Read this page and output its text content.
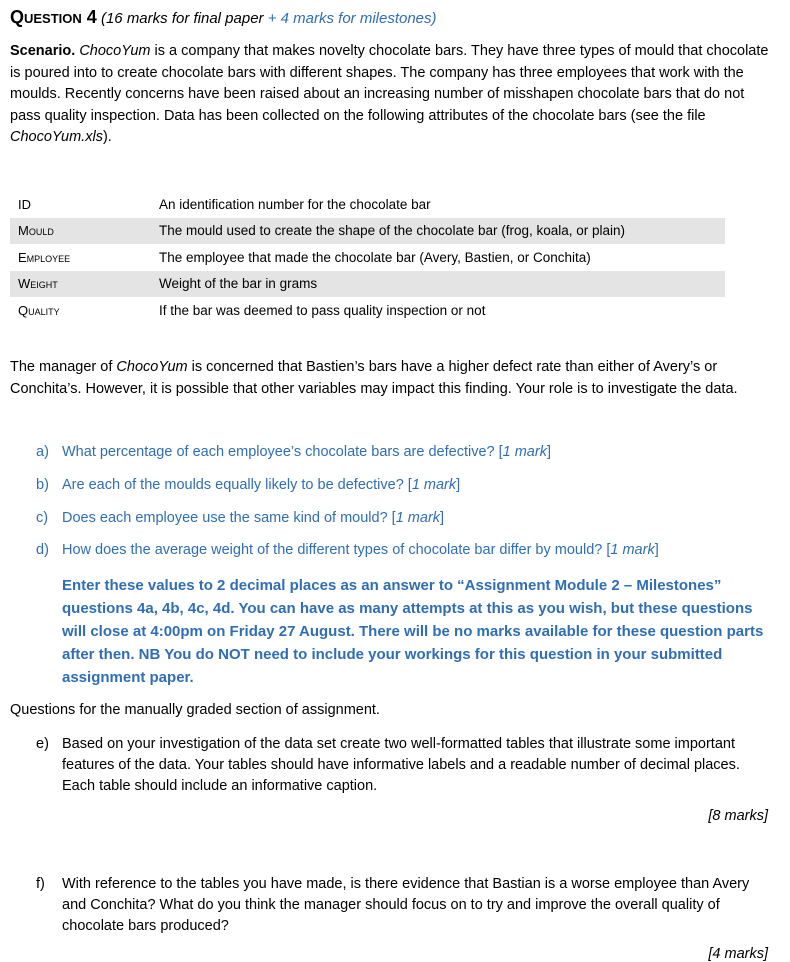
Question 4 (16 marks for final paper + 4 marks for milestones)
Scenario. ChocoYum is a company that makes novelty chocolate bars. They have three types of mould that chocolate is poured into to create chocolate bars with different shapes. The company has three employees that work with the moulds. Recently concerns have been raised about an increasing number of misshapen chocolate bars that do not pass quality inspection. Data has been collected on the following attributes of the chocolate bars (see the file ChocoYum.xls).
ID	An identification number for the chocolate bar
Mould	The mould used to create the shape of the chocolate bar (frog, koala, or plain)
Employee	The employee that made the chocolate bar (Avery, Bastien, or Conchita)
Weight	Weight of the bar in grams
Quality	If the bar was deemed to pass quality inspection or not
The manager of ChocoYum is concerned that Bastien’s bars have a higher defect rate than either of Avery’s or Conchita’s. However, it is possible that other variables may impact this finding. Your role is to investigate the data.
a) What percentage of each employee’s chocolate bars are defective? [1 mark]
b) Are each of the moulds equally likely to be defective? [1 mark]
c) Does each employee use the same kind of mould? [1 mark]
d) How does the average weight of the different types of chocolate bar differ by mould? [1 mark]
Enter these values to 2 decimal places as an answer to “Assignment Module 2 – Milestones” questions 4a, 4b, 4c, 4d. You can have as many attempts at this as you wish, but these questions will close at 4:00pm on Friday 27 August. There will be no marks available for these question parts after then. NB You do NOT need to include your workings for this question in your submitted assignment paper.
Questions for the manually graded section of assignment.
e) Based on your investigation of the data set create two well-formatted tables that illustrate some important features of the data. Your tables should have informative labels and a readable number of decimal places. Each table should include an informative caption.
[8 marks]
f) With reference to the tables you have made, is there evidence that Bastian is a worse employee than Avery and Conchita? What do you think the manager should focus on to try and improve the overall quality of chocolate bars produced?
[4 marks]
